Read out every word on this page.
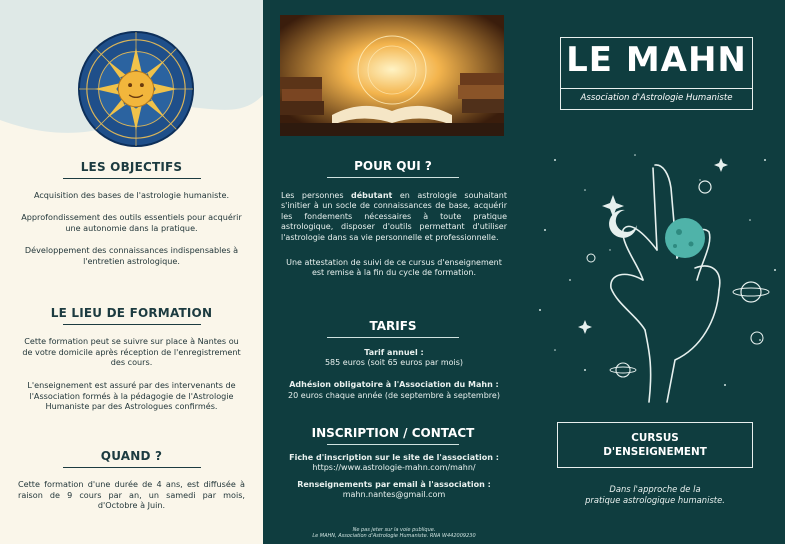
LES OBJECTIFS
Acquisition des bases de l'astrologie humaniste.
Approfondissement des outils essentiels pour acquérir une autonomie dans la pratique.
Développement des connaissances indispensables à l'entretien astrologique.
LE LIEU DE FORMATION
Cette formation peut se suivre sur place à Nantes ou de votre domicile après réception de l'enregistrement des cours.
L'enseignement est assuré par des intervenants de l'Association formés à la pédagogie de l'Astrologie Humaniste par des Astrologues confirmés.
QUAND ?
Cette formation d'une durée de 4 ans, est diffusée à raison de 9 cours par an, un samedi par mois, d'Octobre à Juin.
POUR QUI ?
Les personnes débutant en astrologie souhaitant s'initier à un socle de connaissances de base, acquérir les fondements nécessaires à toute pratique astrologique, disposer d'outils permettant d'utiliser l'astrologie dans sa vie personnelle et professionnelle.
Une attestation de suivi de ce cursus d'enseignement est remise à la fin du cycle de formation.
TARIFS
Tarif annuel :
585 euros (soit 65 euros par mois)
Adhésion obligatoire à l'Association du Mahn :
20 euros chaque année (de septembre à septembre)
INSCRIPTION / CONTACT
Fiche d'inscription sur le site de l'association :
https://www.astrologie-mahn.com/mahn/
Renseignements par email à l'association :
mahn.nantes@gmail.com
Ne pas jeter sur la voie publique.
Le MAHN, Association d'Astrologie Humaniste. RNA W442009230
LE MAHN
Association d'Astrologie Humaniste
CURSUS
D'ENSEIGNEMENT
Dans l'approche de la
pratique astrologique humaniste.
